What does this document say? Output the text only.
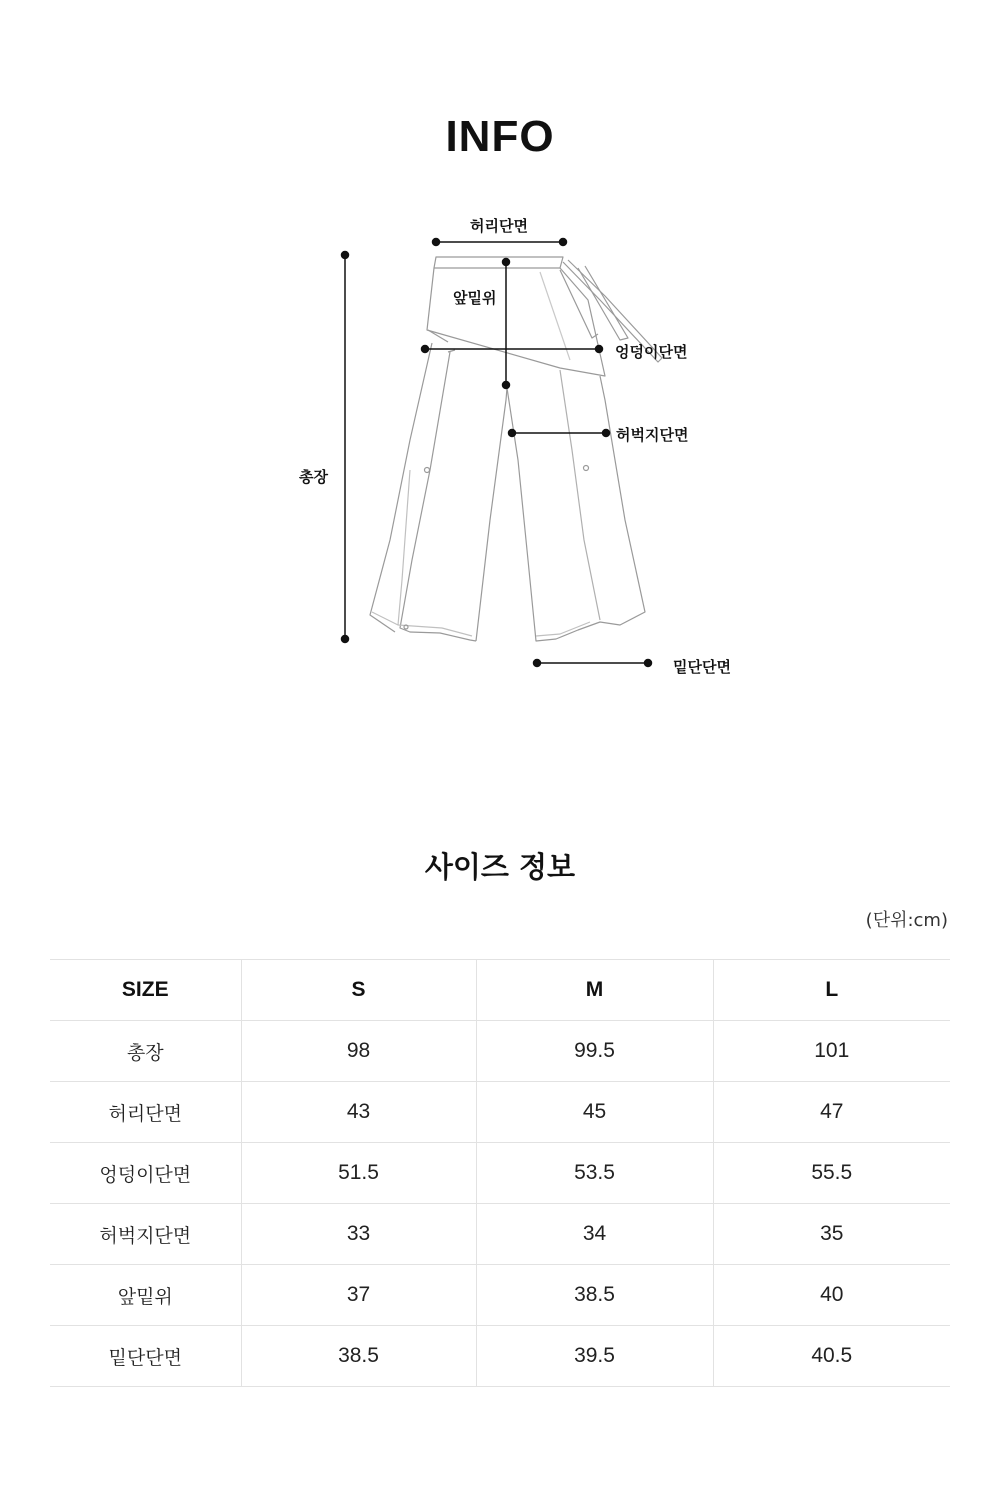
INFO
허리단면
앞밑위
엉덩이단면
허벅지단면
총장
밑단단면
사이즈 정보
(단위:cm)
SIZE	S	M	L
총장	98	99.5	101
허리단면	43	45	47
엉덩이단면	51.5	53.5	55.5
허벅지단면	33	34	35
앞밑위	37	38.5	40
밑단단면	38.5	39.5	40.5
